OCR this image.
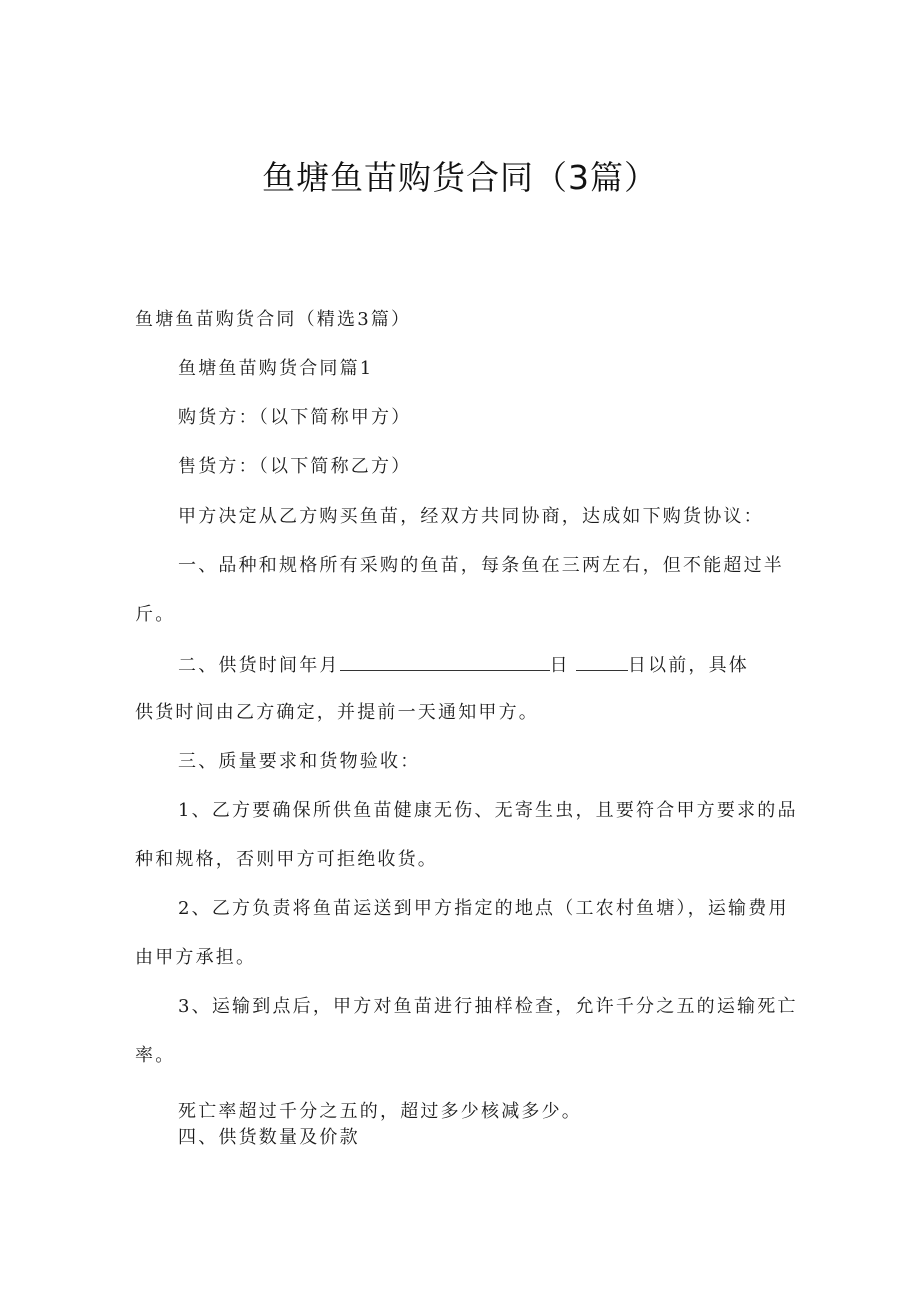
鱼塘鱼苗购货合同（3篇）
鱼塘鱼苗购货合同（精选3篇）
鱼塘鱼苗购货合同篇1
购货方：（以下简称甲方）
售货方：（以下简称乙方）
甲方决定从乙方购买鱼苗，经双方共同协商，达成如下购货协议：
一、品种和规格所有采购的鱼苗，每条鱼在三两左右，但不能超过半
斤。
二、供货时间年月	日	日以前，具体
供货时间由乙方确定，并提前一天通知甲方。
三、质量要求和货物验收：
1、乙方要确保所供鱼苗健康无伤、无寄生虫，且要符合甲方要求的品
种和规格，否则甲方可拒绝收货。
2、乙方负责将鱼苗运送到甲方指定的地点（工农村鱼塘），运输费用
由甲方承担。
3、运输到点后，甲方对鱼苗进行抽样检查，允许千分之五的运输死亡
率。
死亡率超过千分之五的，超过多少核减多少。
四、供货数量及价款
